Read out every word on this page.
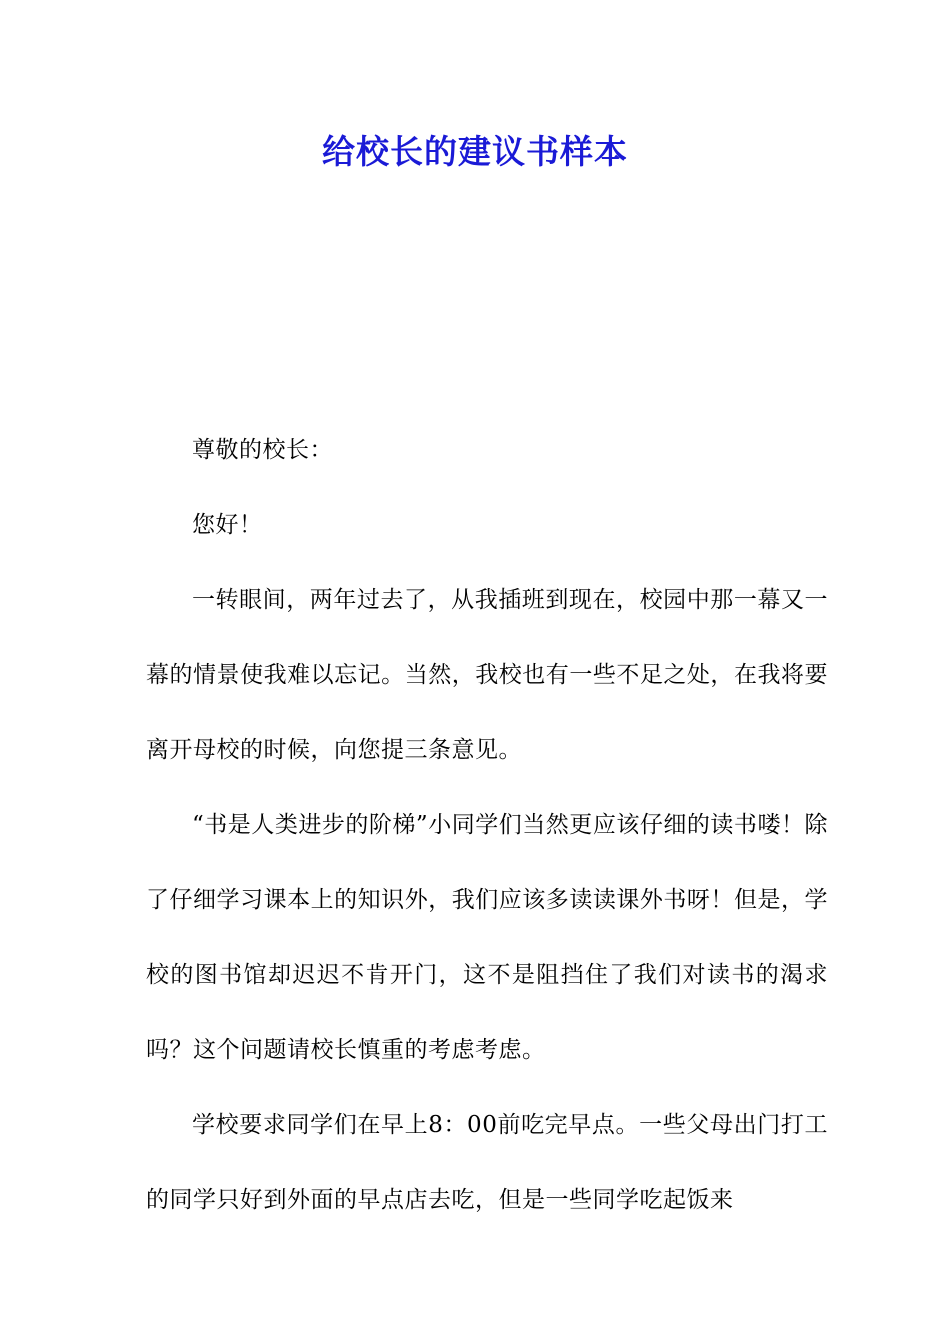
给校长的建议书样本

尊敬的校长：

您好！

一转眼间，两年过去了，从我插班到现在，校园中那一幕又一幕的情景使我难以忘记。当然，我校也有一些不足之处，在我将要离开母校的时候，向您提三条意见。

“书是人类进步的阶梯”小同学们当然更应该仔细的读书喽！除了仔细学习课本上的知识外，我们应该多读读课外书呀！但是，学校的图书馆却迟迟不肯开门，这不是阻挡住了我们对读书的渴求吗？这个问题请校长慎重的考虑考虑。

学校要求同学们在早上8：00前吃完早点。一些父母出门打工的同学只好到外面的早点店去吃，但是一些同学吃起饭来
